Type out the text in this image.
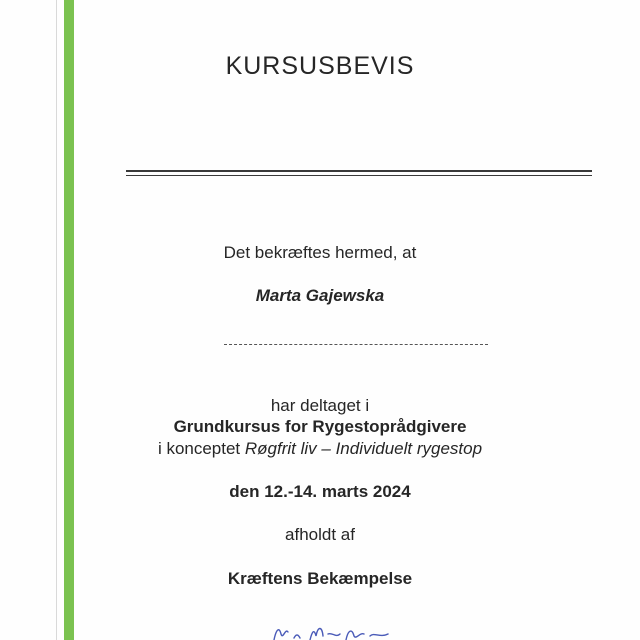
KURSUSBEVIS
Det bekræftes hermed, at
Marta Gajewska
har deltaget i
Grundkursus for Rygestoprådgivere
i konceptet Røgfrit liv – Individuelt rygestop
den 12.-14. marts 2024
afholdt af
Kræftens Bekæmpelse
